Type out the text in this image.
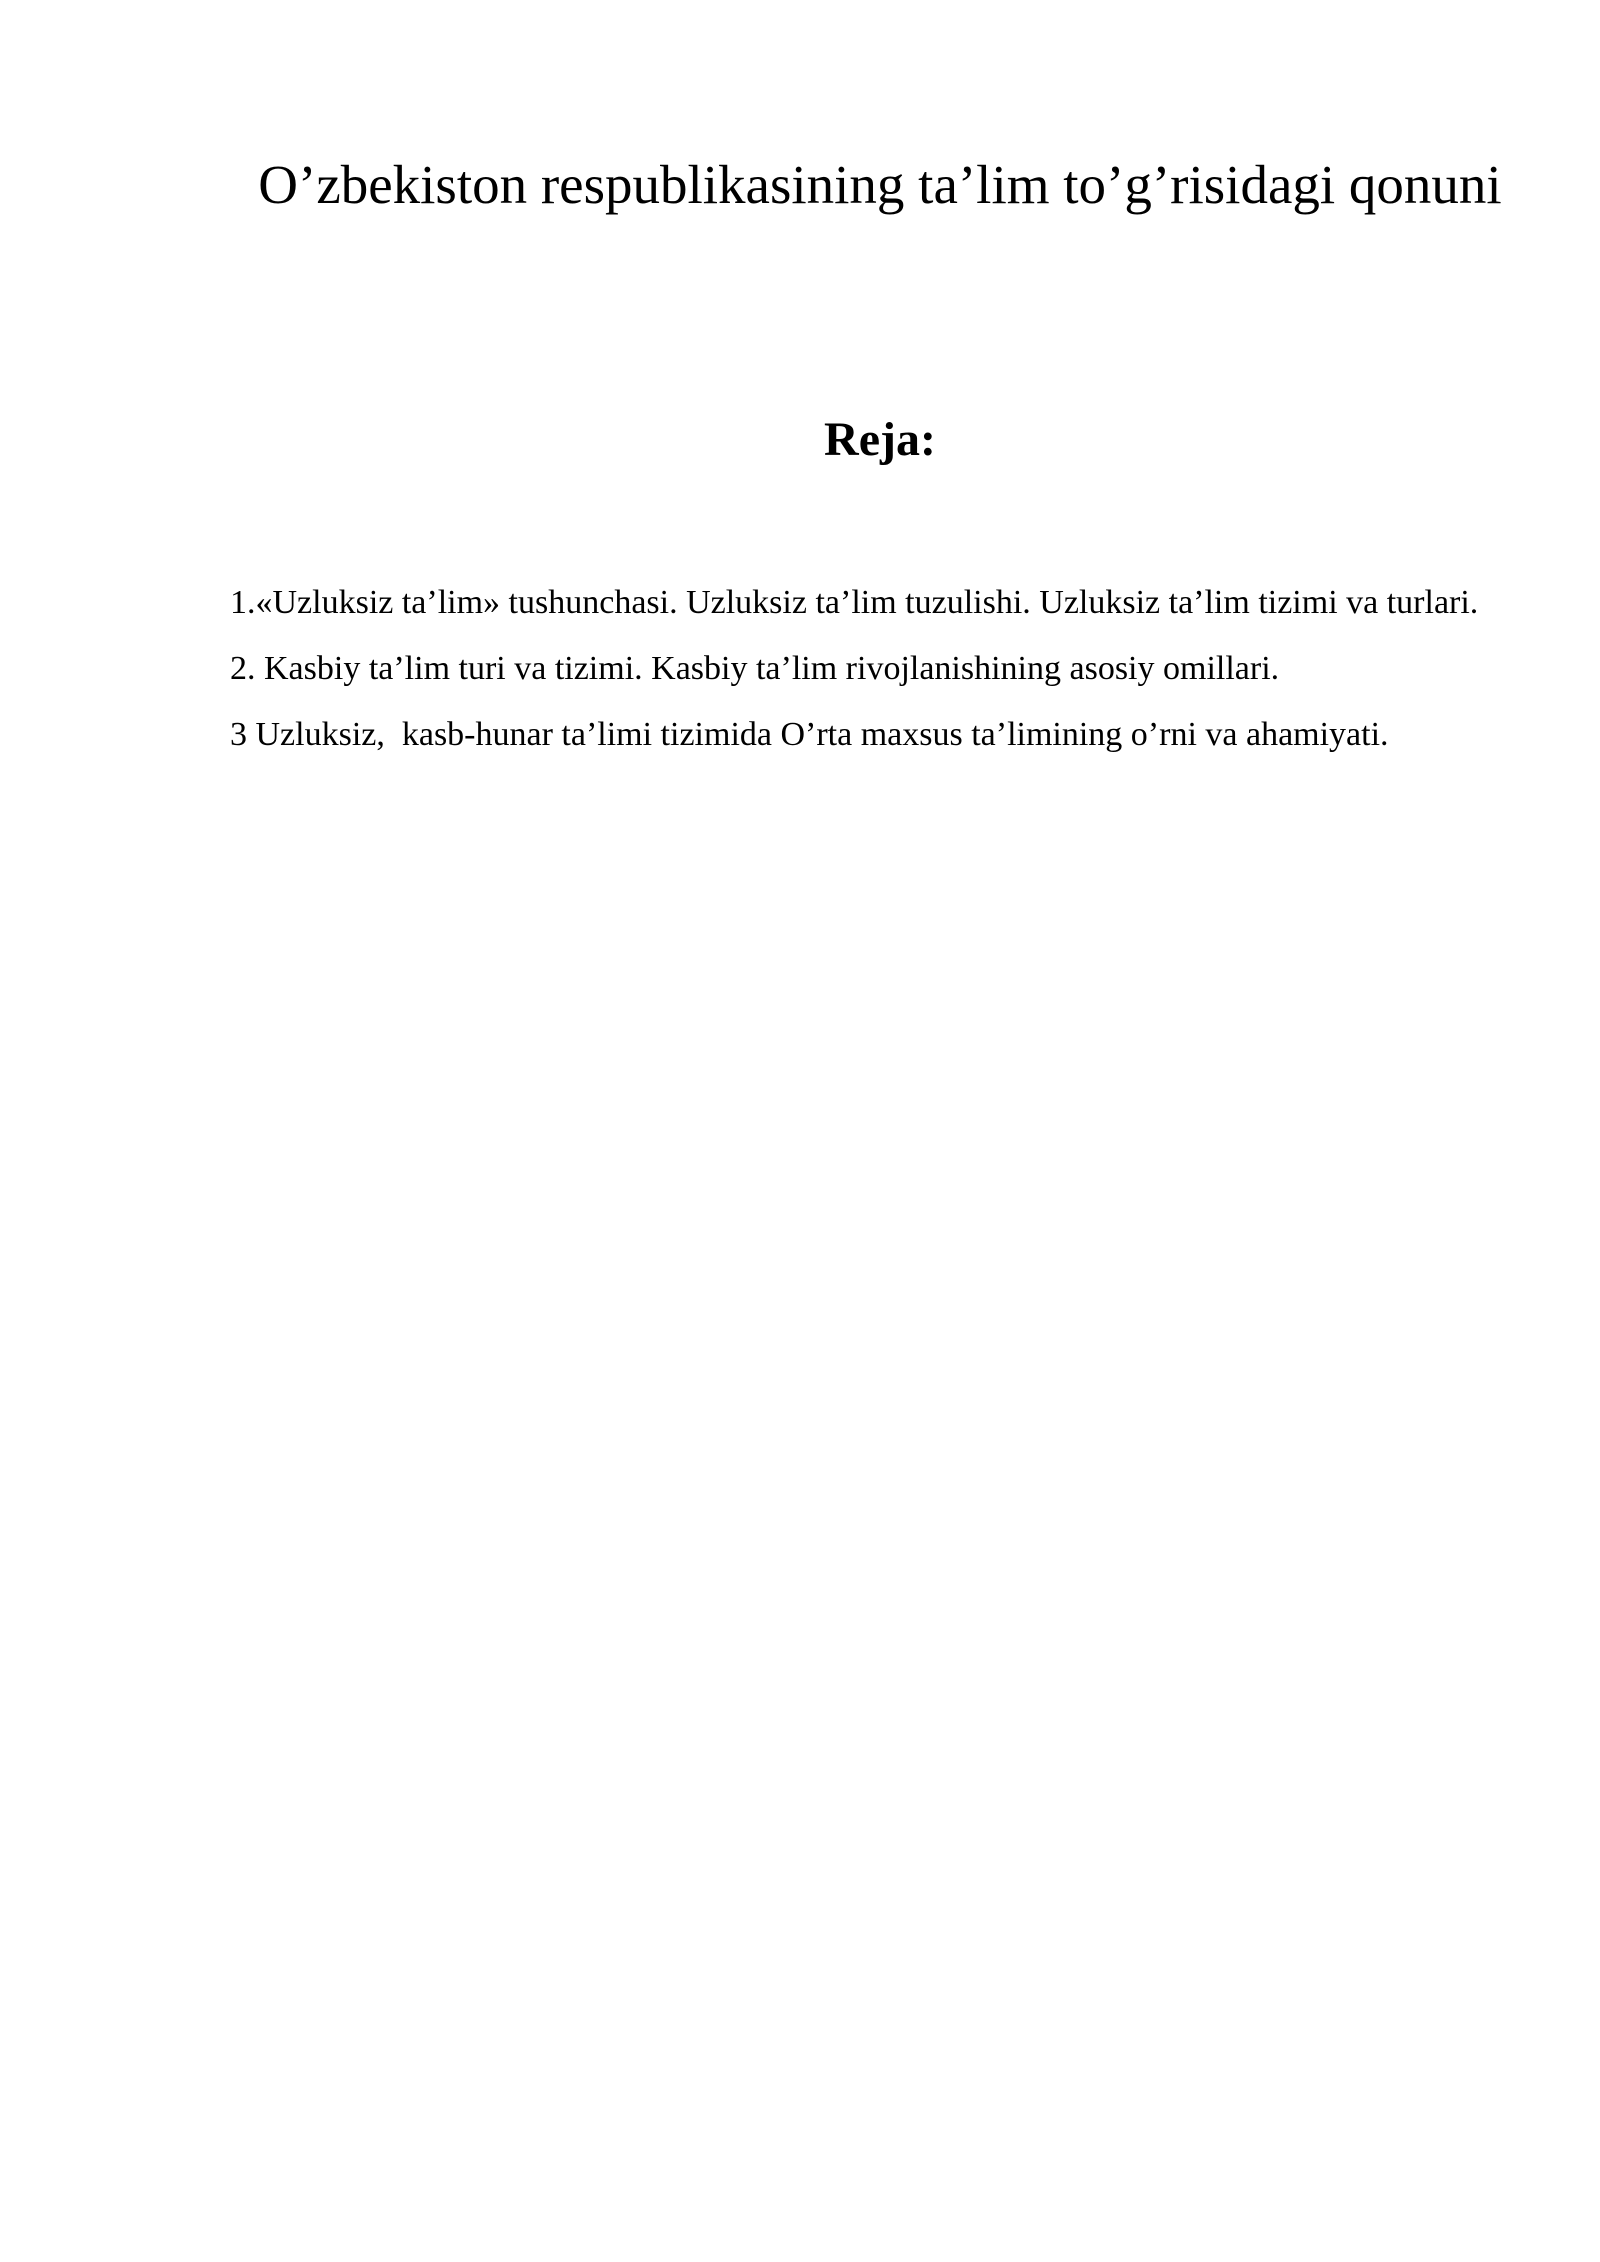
O’zbekiston respublikasining ta’lim to’g’risidagi qonuni
Reja:
1.«Uzluksiz ta’lim» tushunchasi. Uzluksiz ta’lim tuzulishi. Uzluksiz ta’lim tizimi va turlari.
2. Kasbiy ta’lim turi va tizimi. Kasbiy ta’lim rivojlanishining asosiy omillari.
3 Uzluksiz,  kasb-hunar ta’limi tizimida O’rta maxsus ta’limining o’rni va ahamiyati.
